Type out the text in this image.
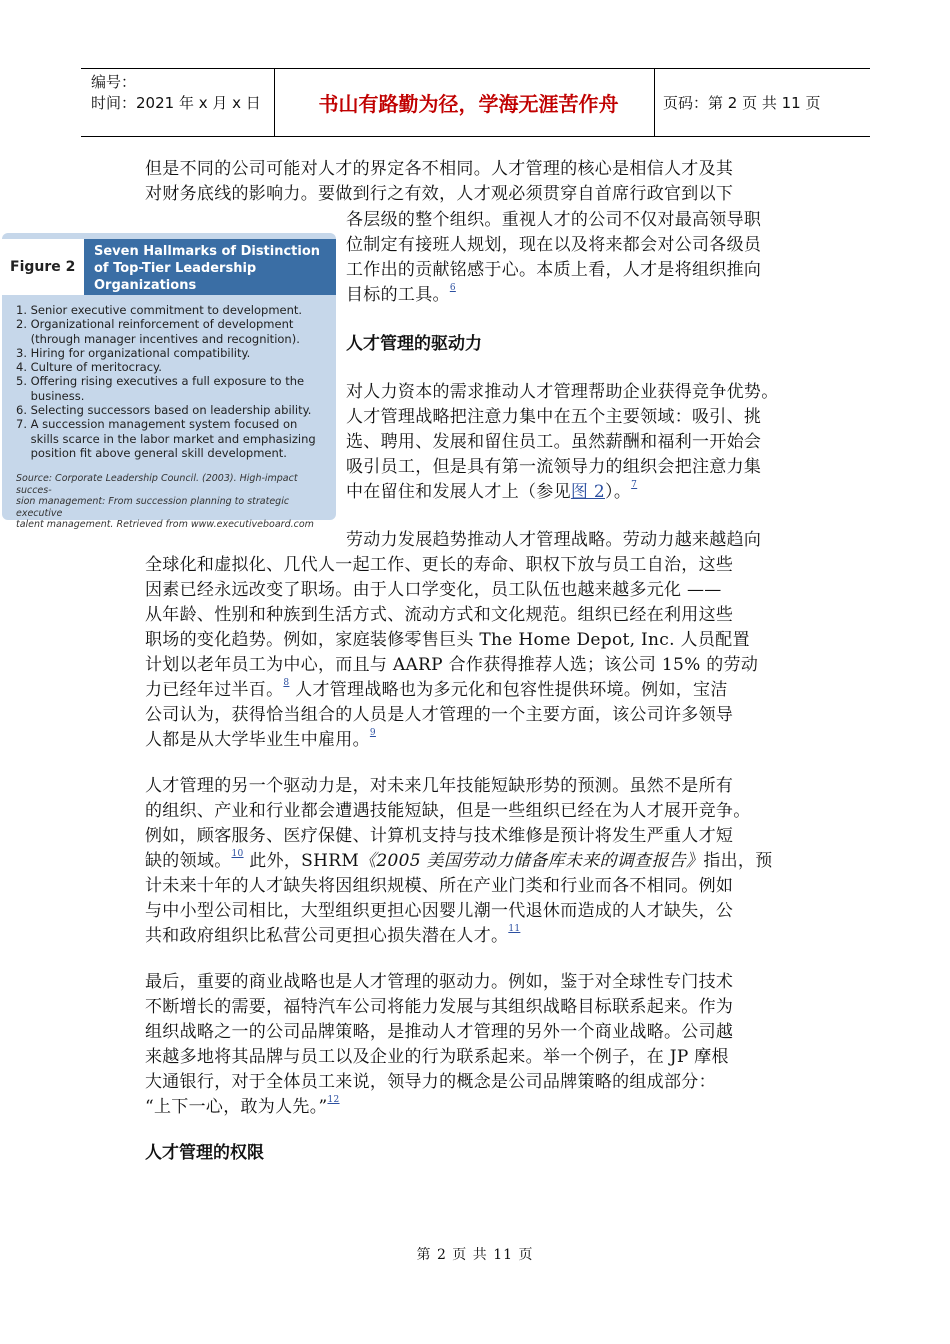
编号：
时间：2021 年 x 月 x 日	书山有路勤为径，学海无涯苦作舟	页码：第 2 页 共 11 页
但是不同的公司可能对人才的界定各不相同。人才管理的核心是相信人才及其
对财务底线的影响力。要做到行之有效，人才观必须贯穿自首席行政官到以下
各层级的整个组织。重视人才的公司不仅对最高领导职
位制定有接班人规划，现在以及将来都会对公司各级员
工作出的贡献铭感于心。本质上看，人才是将组织推向
目标的工具。$^6$
Figure 2
Seven Hallmarks of Distinction of Top-Tier Leadership Organizations
1. Senior executive commitment to development.
2. Organizational reinforcement of development
(through manager incentives and recognition).
3. Hiring for organizational compatibility.
4. Culture of meritocracy.
5. Offering rising executives a full exposure to the
business.
6. Selecting successors based on leadership ability.
7. A succession management system focused on
skills scarce in the labor market and emphasizing
position fit above general skill development.
Source: Corporate Leadership Council. (2003). High-impact succes-
sion management: From succession planning to strategic executive
talent management. Retrieved from www.executiveboard.com
人才管理的驱动力
对人力资本的需求推动人才管理帮助企业获得竞争优势。
人才管理战略把注意力集中在五个主要领域：吸引、挑
选、聘用、发展和留住员工。虽然薪酬和福利一开始会
吸引员工，但是具有第一流领导力的组织会把注意力集
中在留住和发展人才上（参见图 2）。$^7$
劳动力发展趋势推动人才管理战略。劳动力越来越趋向
全球化和虚拟化、几代人一起工作、更长的寿命、职权下放与员工自治，这些
因素已经永远改变了职场。由于人口学变化，员工队伍也越来越多元化 ——
从年龄、性别和种族到生活方式、流动方式和文化规范。组织已经在利用这些
职场的变化趋势。例如，家庭装修零售巨头 The Home Depot, Inc. 人员配置
计划以老年员工为中心，而且与 AARP 合作获得推荐人选；该公司 15% 的劳动
力已经年过半百。$^8$ 人才管理战略也为多元化和包容性提供环境。例如，宝洁
公司认为，获得恰当组合的人员是人才管理的一个主要方面，该公司许多领导
人都是从大学毕业生中雇用。$^9$
人才管理的另一个驱动力是，对未来几年技能短缺形势的预测。虽然不是所有
的组织、产业和行业都会遭遇技能短缺，但是一些组织已经在为人才展开竞争。
例如，顾客服务、医疗保健、计算机支持与技术维修是预计将发生严重人才短
缺的领域。$^{10}$ 此外，SHRM《2005 美国劳动力储备库未来的调查报告》指出，预
计未来十年的人才缺失将因组织规模、所在产业门类和行业而各不相同。例如
与中小型公司相比，大型组织更担心因婴儿潮一代退休而造成的人才缺失，公
共和政府组织比私营公司更担心损失潜在人才。$^{11}$
最后，重要的商业战略也是人才管理的驱动力。例如，鉴于对全球性专门技术
不断增长的需要，福特汽车公司将能力发展与其组织战略目标联系起来。作为
组织战略之一的公司品牌策略，是推动人才管理的另外一个商业战略。公司越
来越多地将其品牌与员工以及企业的行为联系起来。举一个例子，在 JP 摩根
大通银行，对于全体员工来说，领导力的概念是公司品牌策略的组成部分：
“上下一心，敢为人先。”$^{12}$
人才管理的权限
第 2 页 共 11 页
